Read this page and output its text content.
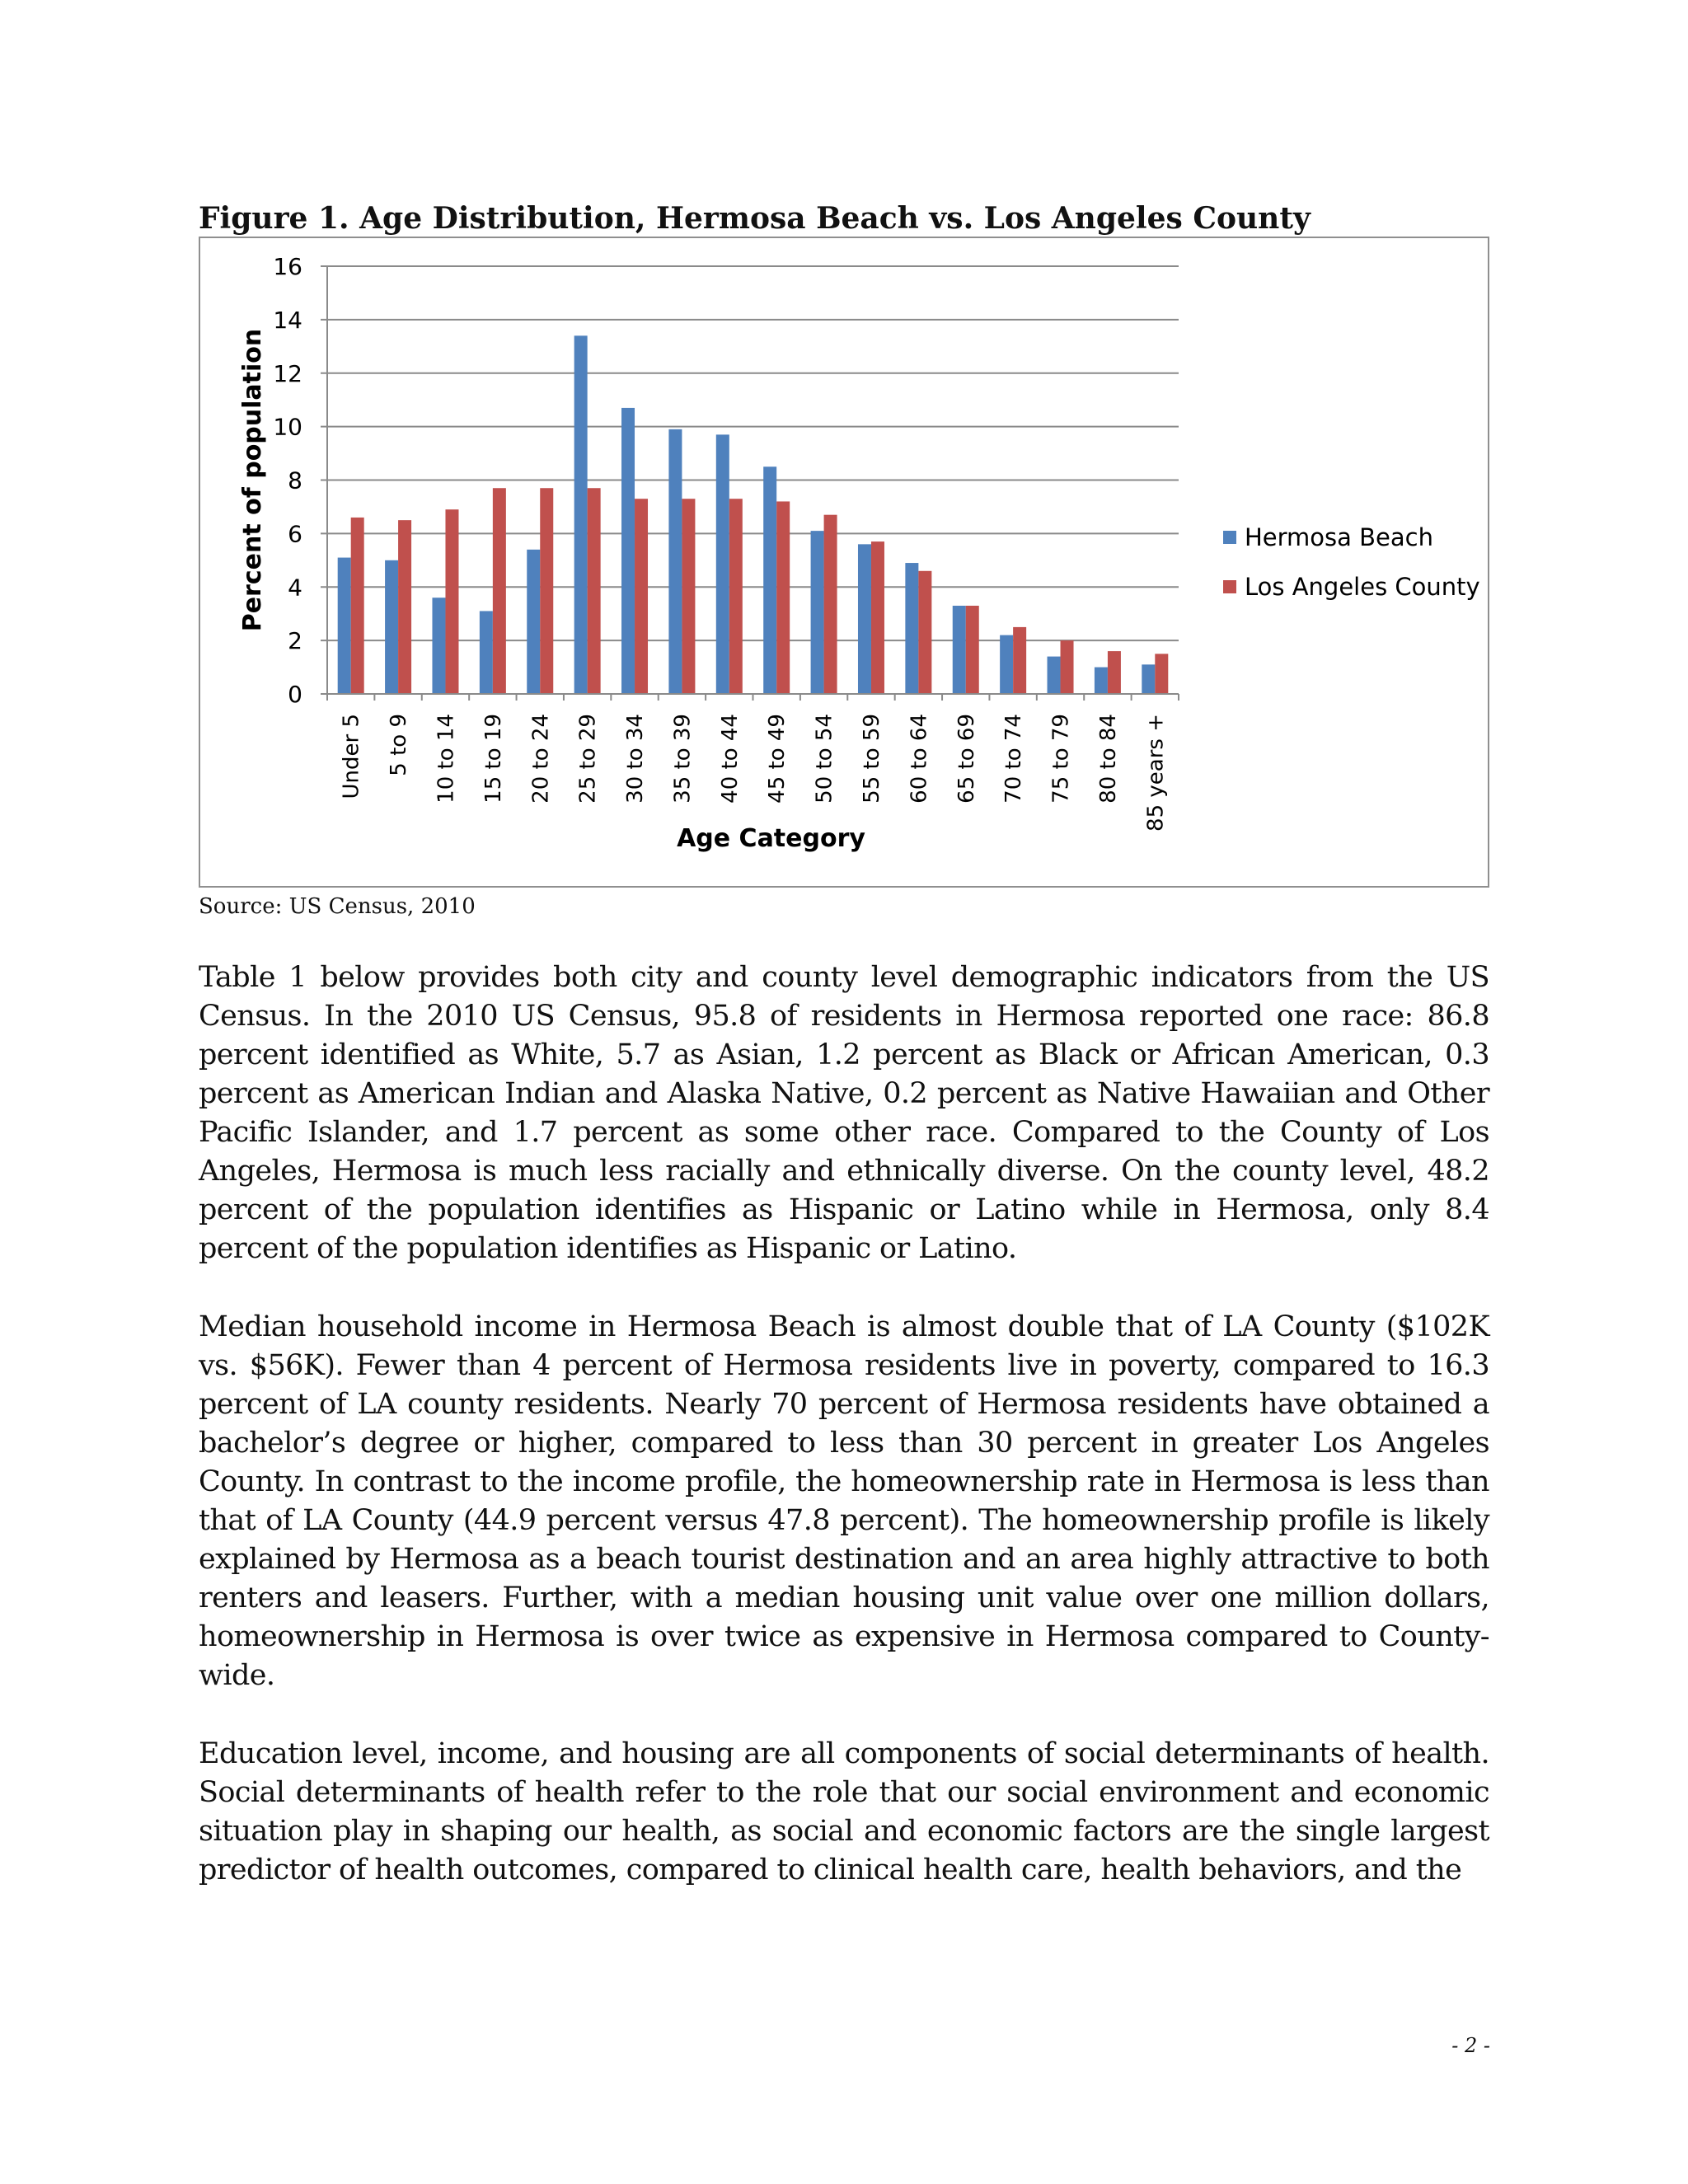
Figure 1. Age Distribution, Hermosa Beach vs. Los Angeles County
0
2
4
6
8
10
12
14
16
Under 5 5 to 9 10 to 14 15 to 19 20 to 24 25 to 29 30 to 34 35 to 39 40 to 44 45 to 49 50 to 54 55 to 59 60 to 64 65 to 69 70 to 74 75 to 79 80 to 84 85 years +
Age Category
Percent of population	Hermosa Beach
Los Angeles County

Source: US Census, 2010

Table 1 below provides both city and county level demographic indicators from the US Census. In the 2010 US Census, 95.8 of residents in Hermosa reported one race: 86.8 percent identified as White, 5.7 as Asian, 1.2 percent as Black or African American, 0.3 percent as American Indian and Alaska Native, 0.2 percent as Native Hawaiian and Other Pacific Islander, and 1.7 percent as some other race. Compared to the County of Los Angeles, Hermosa is much less racially and ethnically diverse. On the county level, 48.2 percent of the population identifies as Hispanic or Latino while in Hermosa, only 8.4 percent of the population identifies as Hispanic or Latino.

Median household income in Hermosa Beach is almost double that of LA County ($102K vs. $56K). Fewer than 4 percent of Hermosa residents live in poverty, compared to 16.3 percent of LA county residents. Nearly 70 percent of Hermosa residents have obtained a bachelor’s degree or higher, compared to less than 30 percent in greater Los Angeles County. In contrast to the income profile, the homeownership rate in Hermosa is less than that of LA County (44.9 percent versus 47.8 percent). The homeownership profile is likely explained by Hermosa as a beach tourist destination and an area highly attractive to both renters and leasers. Further, with a median housing unit value over one million dollars, homeownership in Hermosa is over twice as expensive in Hermosa compared to County-wide.

Education level, income, and housing are all components of social determinants of health. Social determinants of health refer to the role that our social environment and economic situation play in shaping our health, as social and economic factors are the single largest predictor of health outcomes, compared to clinical health care, health behaviors, and the

- 2 -
